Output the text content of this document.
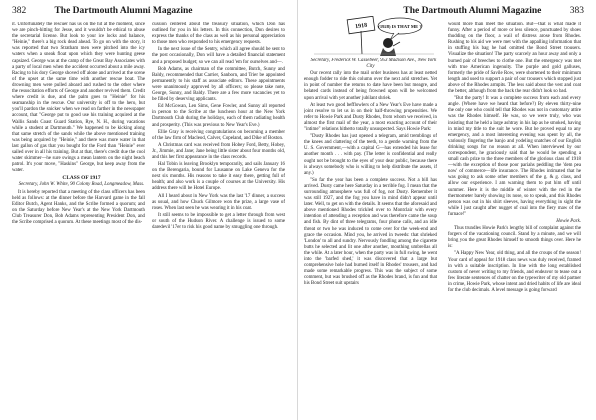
382	The Dartmouth Alumni Magazine

it. Unfortunately the rescuer has us on the hit at the moment, since we are pinch-hitting for Jesse, and it wouldn't be ethical to abuse the secretarial license. But look to your ice locks and balance, "Heinie," there's a big rock dead ahead. To go on with the story, it was reported that two Stratham men were pitched into the icy waters when a sneak float upon which they were hunting geese capsized. George was at the camp of the Great Bay Associates with a party of local men when the accident occurred about a mile away. Racing to his dory George shoved off alone and arrived at the scene of the upset at the same time with another rescue boat. The drowning men were pulled aboard and rushed to the other where the resuscitation efforts of George and another revived them. Credit where credit is due, and the palm goes to "Heinie" for his seamanship in the rescue. Our university is off to the hero, but you'll pardon the snicker when we read on farther in the newspaper account, that "George put to good use his training acquired at the Wallis Sands Coast Guard Station, Rye, N. H., during vacations while a student at Dartmouth." We happened to be kicking along that same stretch of the sands while the above mentioned training was being acquired by "Heinie," and there was more water in that last gallon of gas that you bought for the Ford than "Heinie" ever sailed over in all his training. But at that, there's credit due the cool water skimmer—he sure swings a mean lantern on the night beach patrol. It's your move, "Haskins" George, but keep away from the water.

CLASS OF 1917

Secretary, John W. White, 90 Colony Road, Longmeadow, Mass.

It is hereby reported that a meeting of the class officers has been held as follows: at the dinner before the Harvard game in the fall Editor Butch, Agent Hanks, and the Scribe formed a quorum; and on the Saturday before New Year's at the New York Dartmouth Club Treasurer Don, Bob Adams representing President Don, and the Scribe comprised a quorum. At these meetings most of the dis-

cussion centered about the treasury situation, which Don has outlined for you in his letters. In this connection, Don desires to express the thanks of the class as well as his personal appreciation to those men who responded to his emergency requests.

In the next issue of the Sentry, which all agree should be sent to the post occasionally, Don will have a detailed financial statement and a proposed budget; so we can all read 'em for ourselves and—.

Bob Adams, as chairman of the committee, Butch, Sunny and Baldy, recommended that Carrier, Sanborn, and Trier be appointed permanently to his staff as associate editors. These appointments were unanimously approved by all officers; so please take note, George, Sunny, and Baldy. There are a few more vacancies yet to be filled by deserving applicants.

Ed McGowan, Len Sims, Gene Fowler, and Sunny all reported in person to the Scribe at the luncheon hour at the New York Dartmouth Club during the holidays, each of them radiating health and prosperity. (This was previous to New Year's Eve.)

Ellie Gray is receiving congratulations on becoming a member of the law firm of Macleod, Calver, Copeland, and Dike of Boston.

A Christmas card was received from Hobey Ford, Betty, Hobey, Jr., Jimmie, and Jane; Jane being little sister about four months old, and this her first appearance in the class records.

Hal Tobin is leaving Brooklyn temporarily, and sails January 16 on the Berengaria, bound for Lausanne on Lake Geneva for the next six months. His reasons to take it easy there, getting full of health; and also work is a couple of courses at the University. His address there will be Hotel Europe.

All I heard about in New York was the last '17 dinner, a success as usual, and how Chuck Gilmore won the prize, a large vase of roses. When last seen he was wearing it in his coat.

It still seems to be impossible to get a letter through from west or south of the Hudson River. A challenge is issued to some daredevil '17er to risk his good name by smuggling one through.

The Dartmouth Alumni Magazine	383
1918 (1928) IS THAT ME ?

Secretary, Frederick W. Cassebeer, 953 Madison Ave., New York City

Our recent rally into the mail order business has at least netted enough fodder to ride this column over the next arid stretches. Yet in point of number the returns to date have been but meagre, and belated cards instead of being frowned upon will be welcomed upon arrival with yet another jubilant shriek.

At least two good befflowlers of a New Year's Eve have made a joint resolve to let us in on their half-throwing propensities. We refer to Howie Park and Dusty Rhodes, from whom we received, in almost the first mail of the year, a most exacting account of their "intime" relations hitherto totally unsuspected. Says Howie Park:

"Dusty Rhodes has just opened a telegram, amid tremblings of the knees and clattering of the teeth, to a gentle warning from the U. S. Government,—with a capital G—has extended his lease for another month . . . with pay. (The letter is confidential and really ought not be brought to the eyes of your dear public, because there is always somebody who is willing to help distribute the assets, if any.)

"So far the year has been a complete success. Not a bill has arrived. Dusty came here Saturday in a terrible fog. I mean that the surrounding atmosphere was full of fog, not Dusty. Remember it was still 1927, and the fog you have in mind didn't appear until later. Well, to get on with the details. It seems that the aforesaid and above mentioned Rhodes trickled over to Montclair with every intention of attending a reception and was therefore came the soup and fish. By dint of three telegrams, four phone calls, and an idle threat or two he was induced to come over for the week-end and grace the occasion. Mind you, he arrived in tweeds: that shrieked 'London' to all and sundry. Nervously fondling among the cigarette butts he selected and lit one after another, mouthing umbrellas all the while. At a later hour, when the party was in full swing, he went into the 'barfed shed,' it was discovered that a large but comprehensive hole had burned itself in Rhodes' trousers, and had made some remarkable progress. This was the subject of some comment, but was brushed off as the Rhodes brand, is fun and that his Bond Street suit upstairs

would more than meet the situation. But—that is what made it funny. After a period of more or less silence, punctuated by shoes thudding on the floor, a wail of distress arose from Rhodes. Rushing to his aid we were met with the appalling information that in stuffing his bag he had omitted the Bond Street trousers. Visualize the situation! The party scarcely an hour away and only a burned pair of breeches to clothe one. But the emergency was met with true American ingenuity. The purple and gold galluses, formerly the pride of Savile Row, were shortened to their minimum length and used to support a pair of our trousers which stopped just above of the Rhodes armpits. The less said about the vest and coat the better, although from the back the rear didn't look so bad.

"But the party! It was a complete success from each and every angle. (Where have we heard that before?) By eleven thirty-nine the only one who could tell that Rhodes was not in customary attire was the Rhodes himself. He was, so we were truly, who was insisting that he held a large ashtray in his lap as he smoked, having in mind my title to the suit he wore. But he proved equal to any emergency, and a most interesting evening was spent by all, the variously fingering the banjo and yodeling snatches of our English drinking songs for no reason at all. When interviewed by our correspondent, he graciously said that he would be spending a small cash prize to the three members of the glorious class of 1918—with the exception of those poor pariahs peddling the 'dem pea now' of commerce—life insurance. The Rhodes intimated that he was going to ask some other members of the g. & g. class, and allow our experience. I am warning them to put him off until summer. Here it is the middle of winter with the red in the thermometer barely showing its nose, so to speak, and this Rhodes person was out in his shirt sleeves, having everything in sight the while I just caught after nugget of coal into the fiery maw of the furnace!"

Howie Park.

Thus trundles Howie Park's lengthy bill of complaint against the forgers of the vacationing council. Stand by a minute, and we will bring you the great Rhodes himself to smooth things over. Here he is:

"A Happy New Year, old thing, and all the croups of the season! Your card of appeal for 1918 class news was duly received, framed in with a suitable inscription. In line with the long established custom of never writing to my friends, and endeavor to tease out a few literate sentences of chatter on the typewriter of my old partner in crime, Howie Park, whose intent and dried habits of life are ideal for the club decimals. A level message is going forward
